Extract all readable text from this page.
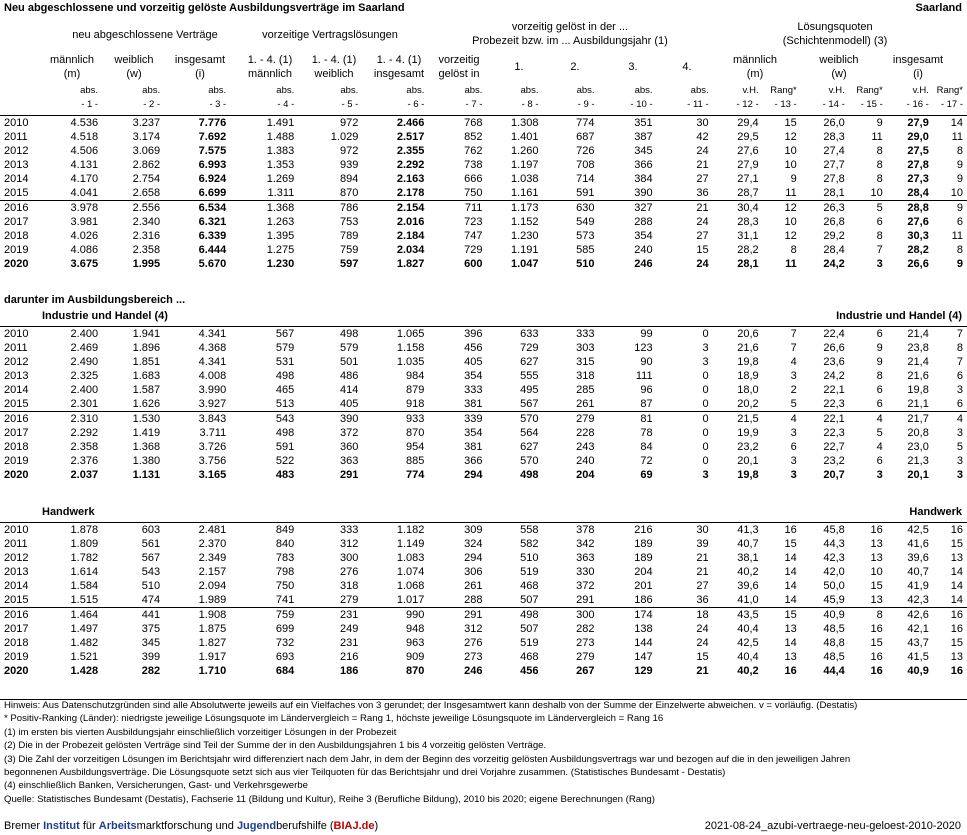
Neu abgeschlossene und vorzeitig gelöste Ausbildungsverträge im Saarland	Saarland
neu abgeschlossene Verträge	vorzeitige Vertragslösungen
vorzeitig gelöst in der ...
Probezeit bzw. im ... Ausbildungsjahr (1)
Lösungsquoten
(Schichtenmodell) (3)
männlich
(m)
weiblich
(w)
insgesamt
(i)
1. - 4. (1)
männlich
1. - 4. (1)
weiblich
1. - 4. (1)
insgesamt
vorzeitig
gelöst in
1.	2.	3.	4.
männlich
(m)
weiblich
(w)
insgesamt
(i)
	abs.	abs.	abs.	abs.	abs.	abs.	abs.	abs.	abs.	abs.	abs.	v.H.	Rang*	v.H.	Rang*	v.H.	Rang*
	- 1 -	- 2 -	- 3 -	- 4 -	- 5 -	- 6 -	- 7 -	- 8 -	- 9 -	- 10 -	- 11 -	- 12 -	- 13 -	- 14 -	- 15 -	- 16 -	- 17 -
2010	4.536	3.237	7.776	1.491	972	2.466	768	1.308	774	351	30	29,4	15	26,0	9	27,9	14
2011	4.518	3.174	7.692	1.488	1.029	2.517	852	1.401	687	387	42	29,5	12	28,3	11	29,0	11
2012	4.506	3.069	7.575	1.383	972	2.355	762	1.260	726	345	24	27,6	10	27,4	8	27,5	8
2013	4.131	2.862	6.993	1.353	939	2.292	738	1.197	708	366	21	27,9	10	27,7	8	27,8	9
2014	4.170	2.754	6.924	1.269	894	2.163	666	1.038	714	384	27	27,1	9	27,8	8	27,3	9
2015	4.041	2.658	6.699	1.311	870	2.178	750	1.161	591	390	36	28,7	11	28,1	10	28,4	10
2016	3.978	2.556	6.534	1.368	786	2.154	711	1.173	630	327	21	30,4	12	26,3	5	28,8	9
2017	3.981	2.340	6.321	1.263	753	2.016	723	1.152	549	288	24	28,3	10	26,8	6	27,6	6
2018	4.026	2.316	6.339	1.395	789	2.184	747	1.230	573	354	27	31,1	12	29,2	8	30,3	11
2019	4.086	2.358	6.444	1.275	759	2.034	729	1.191	585	240	15	28,2	8	28,4	7	28,2	8
2020	3.675	1.995	5.670	1.230	597	1.827	600	1.047	510	246	24	28,1	11	24,2	3	26,6	9
darunter im Ausbildungsbereich ...
Industrie und Handel (4)	Industrie und Handel (4)
2010	2.400	1.941	4.341	567	498	1.065	396	633	333	99	0	20,6	7	22,4	6	21,4	7
2011	2.469	1.896	4.368	579	579	1.158	456	729	303	123	3	21,6	7	26,6	9	23,8	8
2012	2.490	1.851	4.341	531	501	1.035	405	627	315	90	3	19,8	4	23,6	9	21,4	7
2013	2.325	1.683	4.008	498	486	984	354	555	318	111	0	18,9	3	24,2	8	21,6	6
2014	2.400	1.587	3.990	465	414	879	333	495	285	96	0	18,0	2	22,1	6	19,8	3
2015	2.301	1.626	3.927	513	405	918	381	567	261	87	0	20,2	5	22,3	6	21,1	6
2016	2.310	1.530	3.843	543	390	933	339	570	279	81	0	21,5	4	22,1	4	21,7	4
2017	2.292	1.419	3.711	498	372	870	354	564	228	78	0	19,9	3	22,3	5	20,8	3
2018	2.358	1.368	3.726	591	360	954	381	627	243	84	0	23,2	6	22,7	4	23,0	5
2019	2.376	1.380	3.756	522	363	885	366	570	240	72	0	20,1	3	23,2	6	21,3	3
2020	2.037	1.131	3.165	483	291	774	294	498	204	69	3	19,8	3	20,7	3	20,1	3
Handwerk	Handwerk
2010	1.878	603	2.481	849	333	1.182	309	558	378	216	30	41,3	16	45,8	16	42,5	16
2011	1.809	561	2.370	840	312	1.149	324	582	342	189	39	40,7	15	44,3	13	41,6	15
2012	1.782	567	2.349	783	300	1.083	294	510	363	189	21	38,1	14	42,3	13	39,6	13
2013	1.614	543	2.157	798	276	1.074	306	519	330	204	21	40,2	14	42,0	10	40,7	14
2014	1.584	510	2.094	750	318	1.068	261	468	372	201	27	39,6	14	50,0	15	41,9	14
2015	1.515	474	1.989	741	279	1.017	288	507	291	186	36	41,0	14	45,9	13	42,3	14
2016	1.464	441	1.908	759	231	990	291	498	300	174	18	43,5	15	40,9	8	42,6	16
2017	1.497	375	1.875	699	249	948	312	507	282	138	24	40,4	13	48,5	16	42,1	16
2018	1.482	345	1.827	732	231	963	276	519	273	144	24	42,5	14	48,8	15	43,7	15
2019	1.521	399	1.917	693	216	909	273	468	279	147	15	40,4	13	48,5	16	41,5	13
2020	1.428	282	1.710	684	186	870	246	456	267	129	21	40,2	16	44,4	16	40,9	16
Hinweis: Aus Datenschutzgründen sind alle Absolutwerte jeweils auf ein Vielfaches von 3 gerundet; der Insgesamtwert kann deshalb von der Summe der Einzelwerte abweichen. v = vorläufig. (Destatis)
* Positiv-Ranking (Länder): niedrigste jeweilige Lösungsquote im Ländervergleich = Rang 1, höchste jeweilige Lösungsquote im Ländervergleich = Rang 16
(1) im ersten bis vierten Ausbildungsjahr einschließlich vorzeitiger Lösungen in der Probezeit
(2) Die in der Probezeit gelösten Verträge sind Teil der Summe der in den Ausbildungsjahren 1 bis 4 vorzeitig gelösten Verträge.
(3) Die Zahl der vorzeitigen Lösungen im Berichtsjahr wird differenziert nach dem Jahr, in dem der Beginn des vorzeitig gelösten Ausbildungsvertrags war und bezogen auf die in den jeweiligen Jahren
begonnenen Ausbildungsverträge. Die Lösungsquote setzt sich aus vier Teilquoten für das Berichtsjahr und drei Vorjahre zusammen. (Statistisches Bundesamt - Destatis)
(4) einschließlich Banken, Versicherungen, Gast- und Verkehrsgewerbe
Quelle: Statistisches Bundesamt (Destatis), Fachserie 11 (Bildung und Kultur), Reihe 3 (Berufliche Bildung), 2010 bis 2020; eigene Berechnungen (Rang)
Bremer Institut für Arbeitsmarktforschung und Jugendberufshilfe (BIAJ.de)	2021-08-24_azubi-vertraege-neu-geloest-2010-2020
